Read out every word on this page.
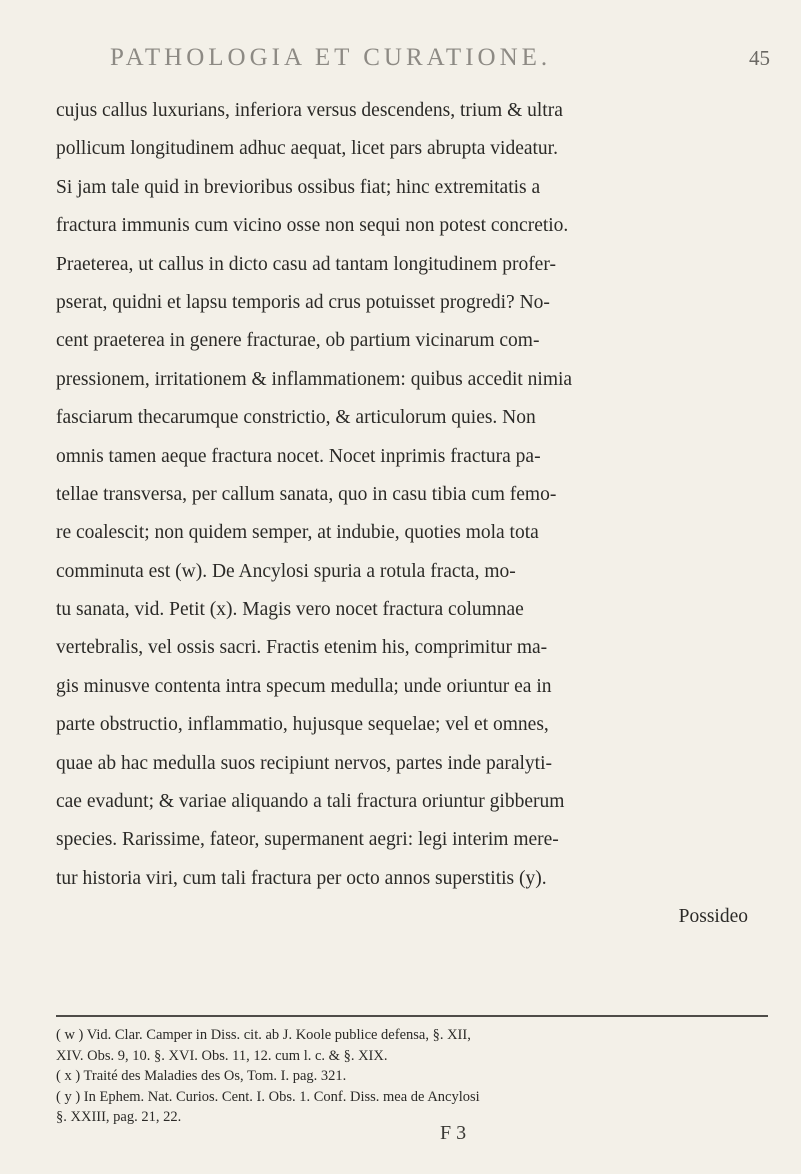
PATHOLOGIA ET CURATIONE.	45
cujus callus luxurians, inferiora versus descendens, trium & ultra
pollicum longitudinem adhuc aequat, licet pars abrupta videatur.
Si jam tale quid in brevioribus ossibus fiat; hinc extremitatis a
fractura immunis cum vicino osse non sequi non potest concretio.
Praeterea, ut callus in dicto casu ad tantam longitudinem profer-
pserat, quidni et lapsu temporis ad crus potuisset progredi? No-
cent praeterea in genere fracturae, ob partium vicinarum com-
pressionem, irritationem & inflammationem: quibus accedit nimia
fasciarum thecarumque constrictio, & articulorum quies. Non
omnis tamen aeque fractura nocet. Nocet inprimis fractura pa-
tellae transversa, per callum sanata, quo in casu tibia cum femo-
re coalescit; non quidem semper, at indubie, quoties mola tota
comminuta est (w). De Ancylosi spuria a rotula fracta, mo-
tu sanata, vid. Petit (x). Magis vero nocet fractura columnae
vertebralis, vel ossis sacri. Fractis etenim his, comprimitur ma-
gis minusve contenta intra specum medulla; unde oriuntur ea in
parte obstructio, inflammatio, hujusque sequelae; vel et omnes,
quae ab hac medulla suos recipiunt nervos, partes inde paralyti-
cae evadunt; & variae aliquando a tali fractura oriuntur gibberum
species. Rarissime, fateor, supermanent aegri: legi interim mere-
tur historia viri, cum tali fractura per octo annos superstitis (y).
Possideo
( w ) Vid. Clar. Camper in Diss. cit. ab J. Koole publice defensa, §. XII,
XIV. Obs. 9, 10. §. XVI. Obs. 11, 12. cum l. c. & §. XIX.
( x ) Traité des Maladies des Os, Tom. I. pag. 321.
( y ) In Ephem. Nat. Curios. Cent. I. Obs. 1. Conf. Diss. mea de Ancylosi
§. XXIII, pag. 21, 22.
F 3
